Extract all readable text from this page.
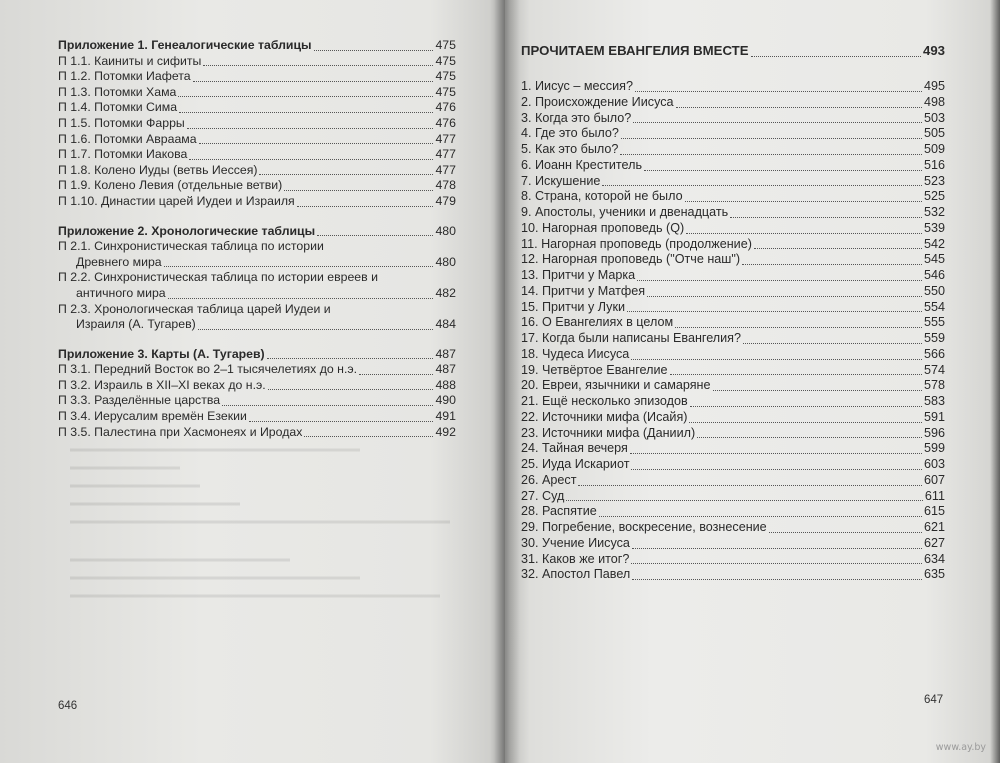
Приложение 1. Генеалогические таблицы	475
П 1.1. Каиниты и сифиты	475
П 1.2. Потомки Иафета	475
П 1.3. Потомки Хама	475
П 1.4. Потомки Сима	476
П 1.5. Потомки Фарры	476
П 1.6. Потомки Авраама	477
П 1.7. Потомки Иакова	477
П 1.8. Колено Иуды (ветвь Иессея)	477
П 1.9. Колено Левия (отдельные ветви)	478
П 1.10. Династии царей Иудеи и Израиля	479
Приложение 2. Хронологические таблицы	480
П 2.1. Синхронистическая таблица по истории
Древнего мира	480
П 2.2. Синхронистическая таблица по истории евреев и
античного мира	482
П 2.3. Хронологическая таблица царей Иудеи и
Израиля (А. Тугарев)	484
Приложение 3. Карты (А. Тугарев)	487
П 3.1. Передний Восток во 2–1 тысячелетиях до н.э.	487
П 3.2. Израиль в XII–XI веках до н.э.	488
П 3.3. Разделённые царства	490
П 3.4. Иерусалим времён Езекии	491
П 3.5. Палестина при Хасмонеях и Иродах	492
646
ПРОЧИТАЕМ ЕВАНГЕЛИЯ ВМЕСТЕ	493
1. Иисус – мессия?	495
2. Происхождение Иисуса	498
3. Когда это было?	503
4. Где это было?	505
5. Как это было?	509
6. Иоанн Креститель	516
7. Искушение	523
8. Страна, которой не было	525
9. Апостолы, ученики и двенадцать	532
10. Нагорная проповедь (Q)	539
11. Нагорная проповедь (продолжение)	542
12. Нагорная проповедь ("Отче наш")	545
13. Притчи у Марка	546
14. Притчи у Матфея	550
15. Притчи у Луки	554
16. О Евангелиях в целом	555
17. Когда были написаны Евангелия?	559
18. Чудеса Иисуса	566
19. Четвёртое Евангелие	574
20. Евреи, язычники и самаряне	578
21. Ещё несколько эпизодов	583
22. Источники мифа (Исайя)	591
23. Источники мифа (Даниил)	596
24. Тайная вечеря	599
25. Иуда Искариот	603
26. Арест	607
27. Суд	611
28. Распятие	615
29. Погребение, воскресение, вознесение	621
30. Учение Иисуса	627
31. Каков же итог?	634
32. Апостол Павел	635
647
www.ay.by
